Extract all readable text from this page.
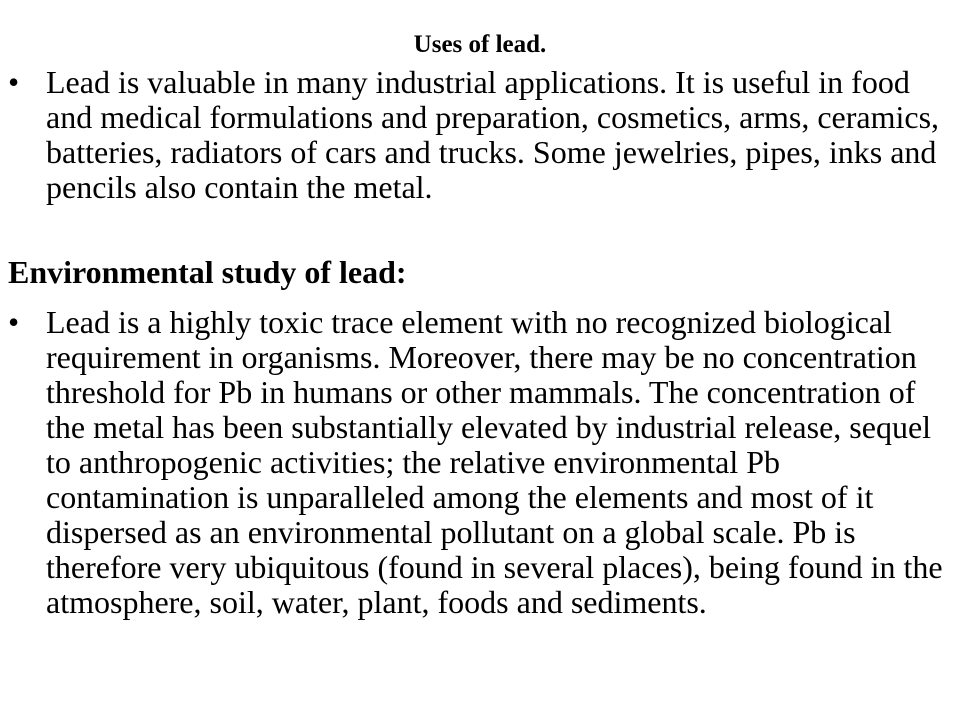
Uses of lead.
• Lead is valuable in many industrial applications. It is useful in food and medical formulations and preparation, cosmetics, arms, ceramics, batteries, radiators of cars and trucks. Some jewelries, pipes, inks and pencils also contain the metal.
Environmental study of lead:
• Lead is a highly toxic trace element with no recognized biological requirement in organisms. Moreover, there may be no concentration threshold for Pb in humans or other mammals. The concentration of the metal has been substantially elevated by industrial release, sequel to anthropogenic activities; the relative environmental Pb contamination is unparalleled among the elements and most of it dispersed as an environmental pollutant on a global scale. Pb is therefore very ubiquitous (found in several places), being found in the atmosphere, soil, water, plant, foods and sediments.
